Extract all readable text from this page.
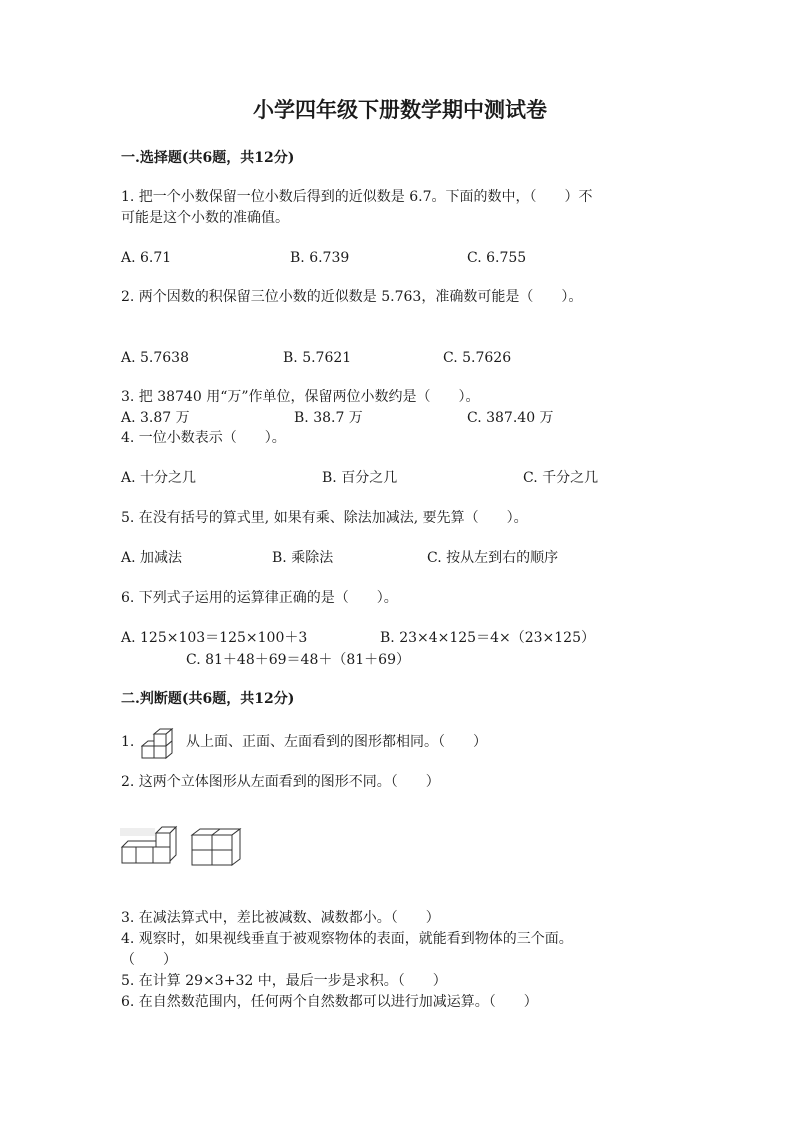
小学四年级下册数学期中测试卷
一.选择题(共6题，共12分)
1. 把一个小数保留一位小数后得到的近似数是 6.7。下面的数中，（　　）不
可能是这个小数的准确值。
A. 6.71	B. 6.739	C. 6.755
2. 两个因数的积保留三位小数的近似数是 5.763，准确数可能是（　　）。
A. 5.7638	B. 5.7621	C. 5.7626
3. 把 38740 用“万”作单位，保留两位小数约是（　　）。
A. 3.87 万	B. 38.7 万	C. 387.40 万
4. 一位小数表示（　　）。
A. 十分之几	B. 百分之几	C. 千分之几
5. 在没有括号的算式里, 如果有乘、除法加减法, 要先算（　　）。
A. 加减法	B. 乘除法	C. 按从左到右的顺序
6. 下列式子运用的运算律正确的是（　　）。
A. 125×103＝125×100＋3	B. 23×4×125＝4×（23×125）
C. 81＋48＋69＝48＋（81＋69）
二.判断题(共6题，共12分)
1.	从上面、正面、左面看到的图形都相同。（　　）
2. 这两个立体图形从左面看到的图形不同。（　　）
3. 在减法算式中，差比被减数、减数都小。（　　）
4. 观察时，如果视线垂直于被观察物体的表面，就能看到物体的三个面。
（　　）
5. 在计算 29×3+32 中，最后一步是求积。（　　）
6. 在自然数范围内，任何两个自然数都可以进行加减运算。（　　）
